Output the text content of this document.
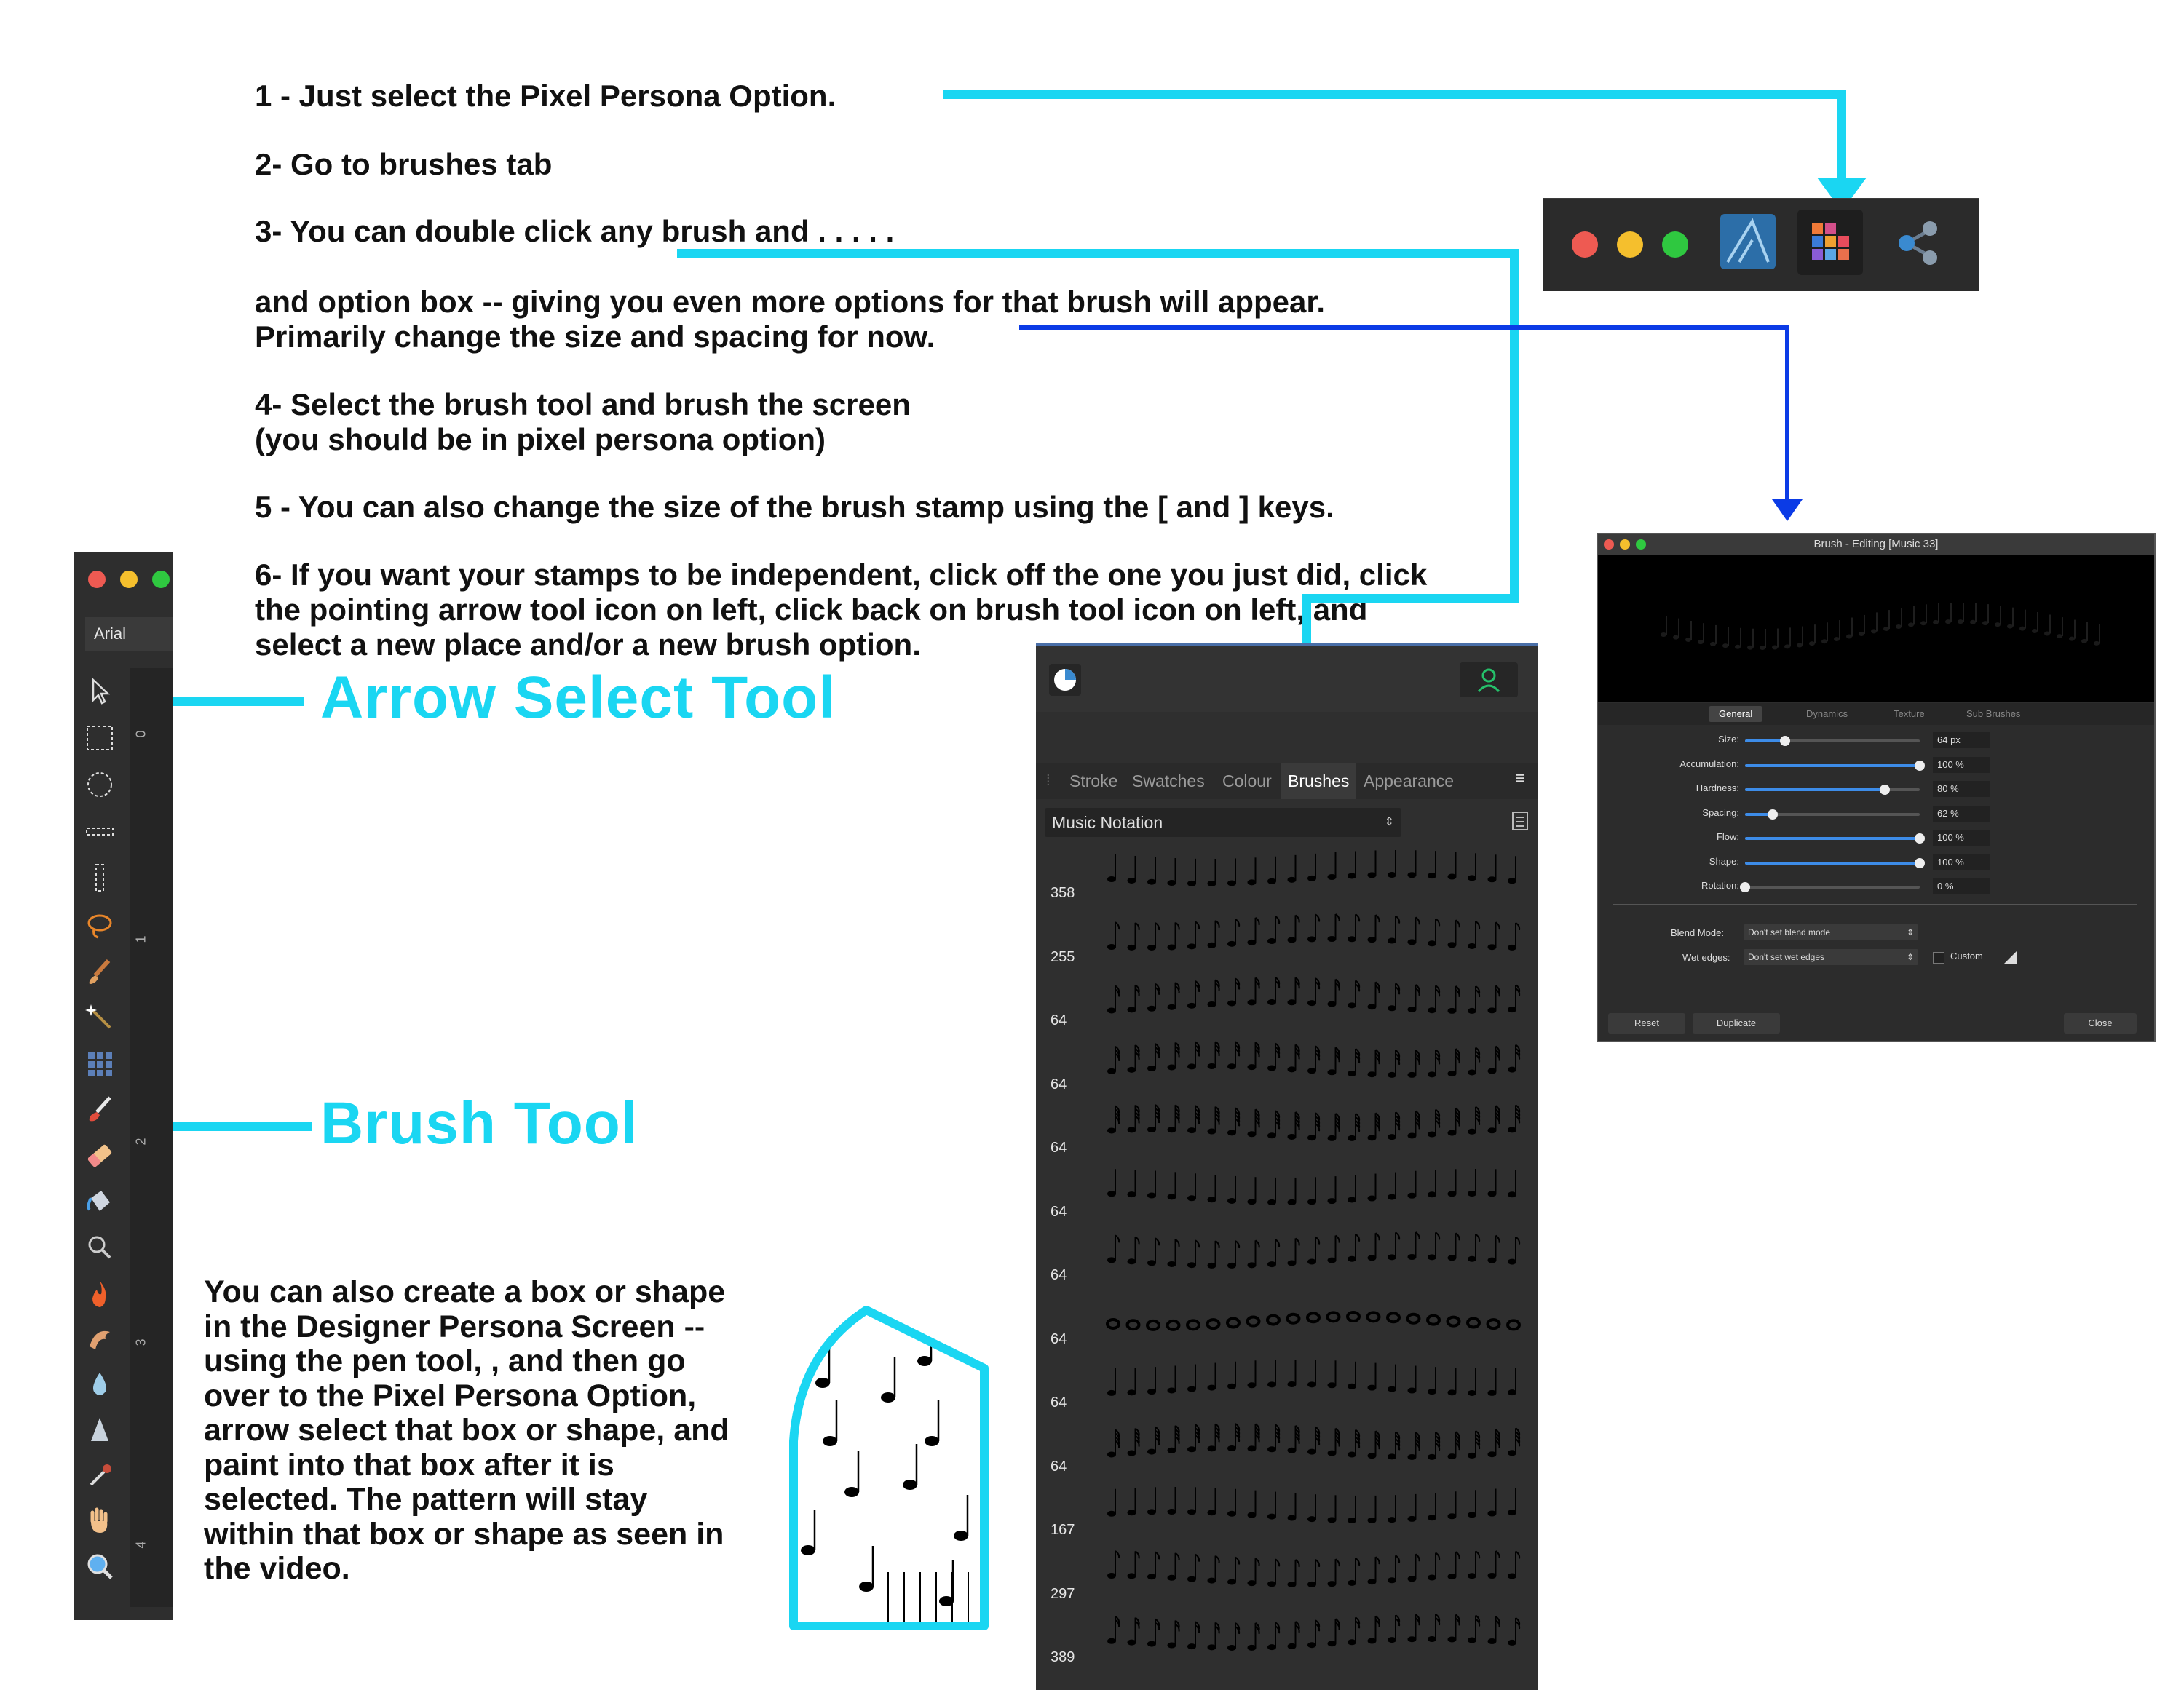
1 - Just select the Pixel Persona Option.
2- Go to brushes tab
3- You can double click any brush and . . . . .
and option box -- giving you even more options for that brush will appear.
Primarily change the size and spacing for now.
4- Select the brush tool and brush the screen
(you should be in pixel persona option)
5 - You can also change the size of the brush stamp using the [ and ] keys.
6- If you want your stamps to be independent, click off the one you just did, click
the pointing arrow tool icon on left, click back on brush tool icon on left, and
select a new place and/or a new brush option.
Arrow Select Tool
Brush Tool
Arial
0
1
2
3
4
⁞	Stroke Swatches	Colour Brushes Appearance	≡
Music Notation	⇕
358
255
64
64
64
64
64
64
64
64
167
297
389
Brush - Editing [Music 33]
General	Dynamics	Texture	Sub Brushes
Size:	64 px
Accumulation:	100 %
Hardness:	80 %
Spacing:	62 %
Flow:	100 %
Shape:	100 %
Rotation:	0 %
Blend Mode:	Don't set blend mode	⇕
Wet edges:	Don't set wet edges	⇕	Custom
Reset	Duplicate	Close
You can also create a box or shape
in the Designer Persona Screen --
using the pen tool, , and then go
over to the Pixel Persona Option,
arrow select that box or shape, and
paint into that box after it is
selected. The pattern will stay
within that box or shape as seen in
the video.
